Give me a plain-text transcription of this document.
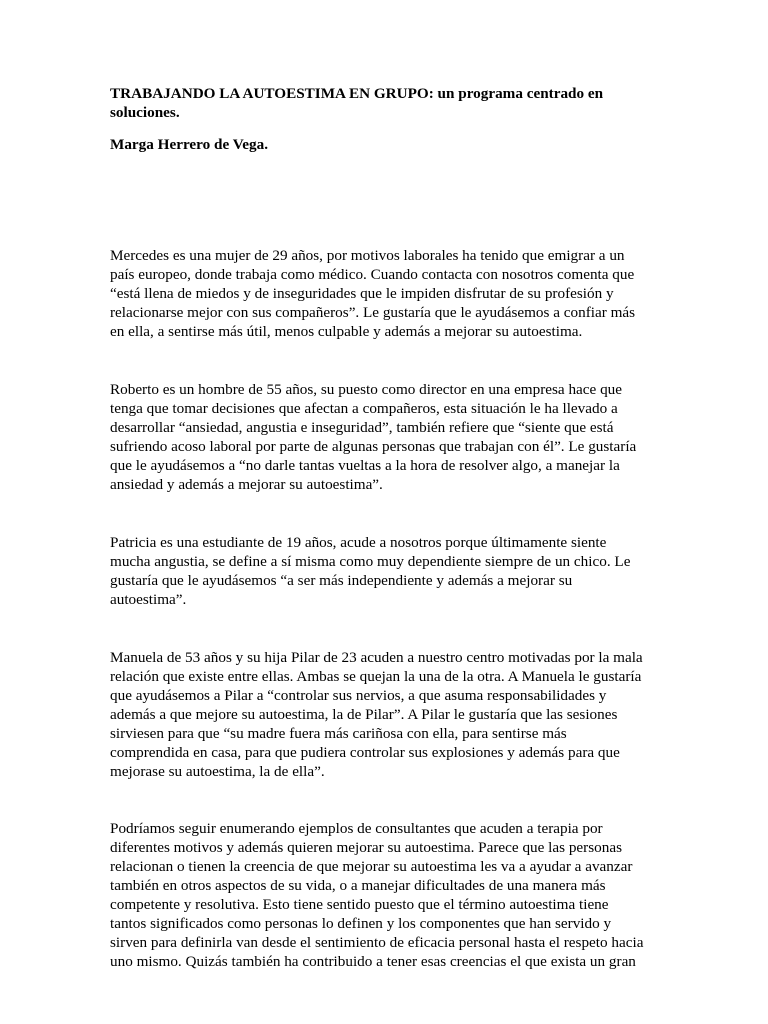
TRABAJANDO LA AUTOESTIMA EN GRUPO: un programa centrado en
soluciones.

Marga Herrero de Vega.

Mercedes es una mujer de 29 años, por motivos laborales ha tenido que emigrar a un
país europeo, donde trabaja como médico. Cuando contacta con nosotros comenta que
“está llena de miedos y de inseguridades que le impiden disfrutar de su profesión y
relacionarse mejor con sus compañeros”. Le gustaría que le ayudásemos a confiar más
en ella, a sentirse más útil, menos culpable y además a mejorar su autoestima.

Roberto es un hombre de 55 años, su puesto como director en una empresa hace que
tenga que tomar decisiones que afectan a compañeros, esta situación le ha llevado a
desarrollar “ansiedad, angustia e inseguridad”, también refiere que “siente que está
sufriendo acoso laboral por parte de algunas personas que trabajan con él”. Le gustaría
que le ayudásemos a “no darle tantas vueltas a la hora de resolver algo, a manejar la
ansiedad y además a mejorar su autoestima”.

Patricia es una estudiante de 19 años, acude a nosotros porque últimamente siente
mucha angustia, se define a sí misma como muy dependiente siempre de un chico. Le
gustaría que le ayudásemos “a ser más independiente y además a mejorar su
autoestima”.

Manuela de 53 años y su hija Pilar de 23 acuden a nuestro centro motivadas por la mala
relación que existe entre ellas. Ambas se quejan la una de la otra. A Manuela le gustaría
que ayudásemos a Pilar a “controlar sus nervios, a que asuma responsabilidades y
además a que mejore su autoestima, la de Pilar”. A Pilar le gustaría que las sesiones
sirviesen para que “su madre fuera más cariñosa con ella, para sentirse más
comprendida en casa, para que pudiera controlar sus explosiones y además para que
mejorase su autoestima, la de ella”.

Podríamos seguir enumerando ejemplos de consultantes que acuden a terapia por
diferentes motivos y además quieren mejorar su autoestima. Parece que las personas
relacionan o tienen la creencia de que mejorar su autoestima les va a ayudar a avanzar
también en otros aspectos de su vida, o a manejar dificultades de una manera más
competente y resolutiva. Esto tiene sentido puesto que el término autoestima tiene
tantos significados como personas lo definen y los componentes que han servido y
sirven para definirla van desde el sentimiento de eficacia personal hasta el respeto hacia
uno mismo. Quizás también ha contribuido a tener esas creencias el que exista un gran
